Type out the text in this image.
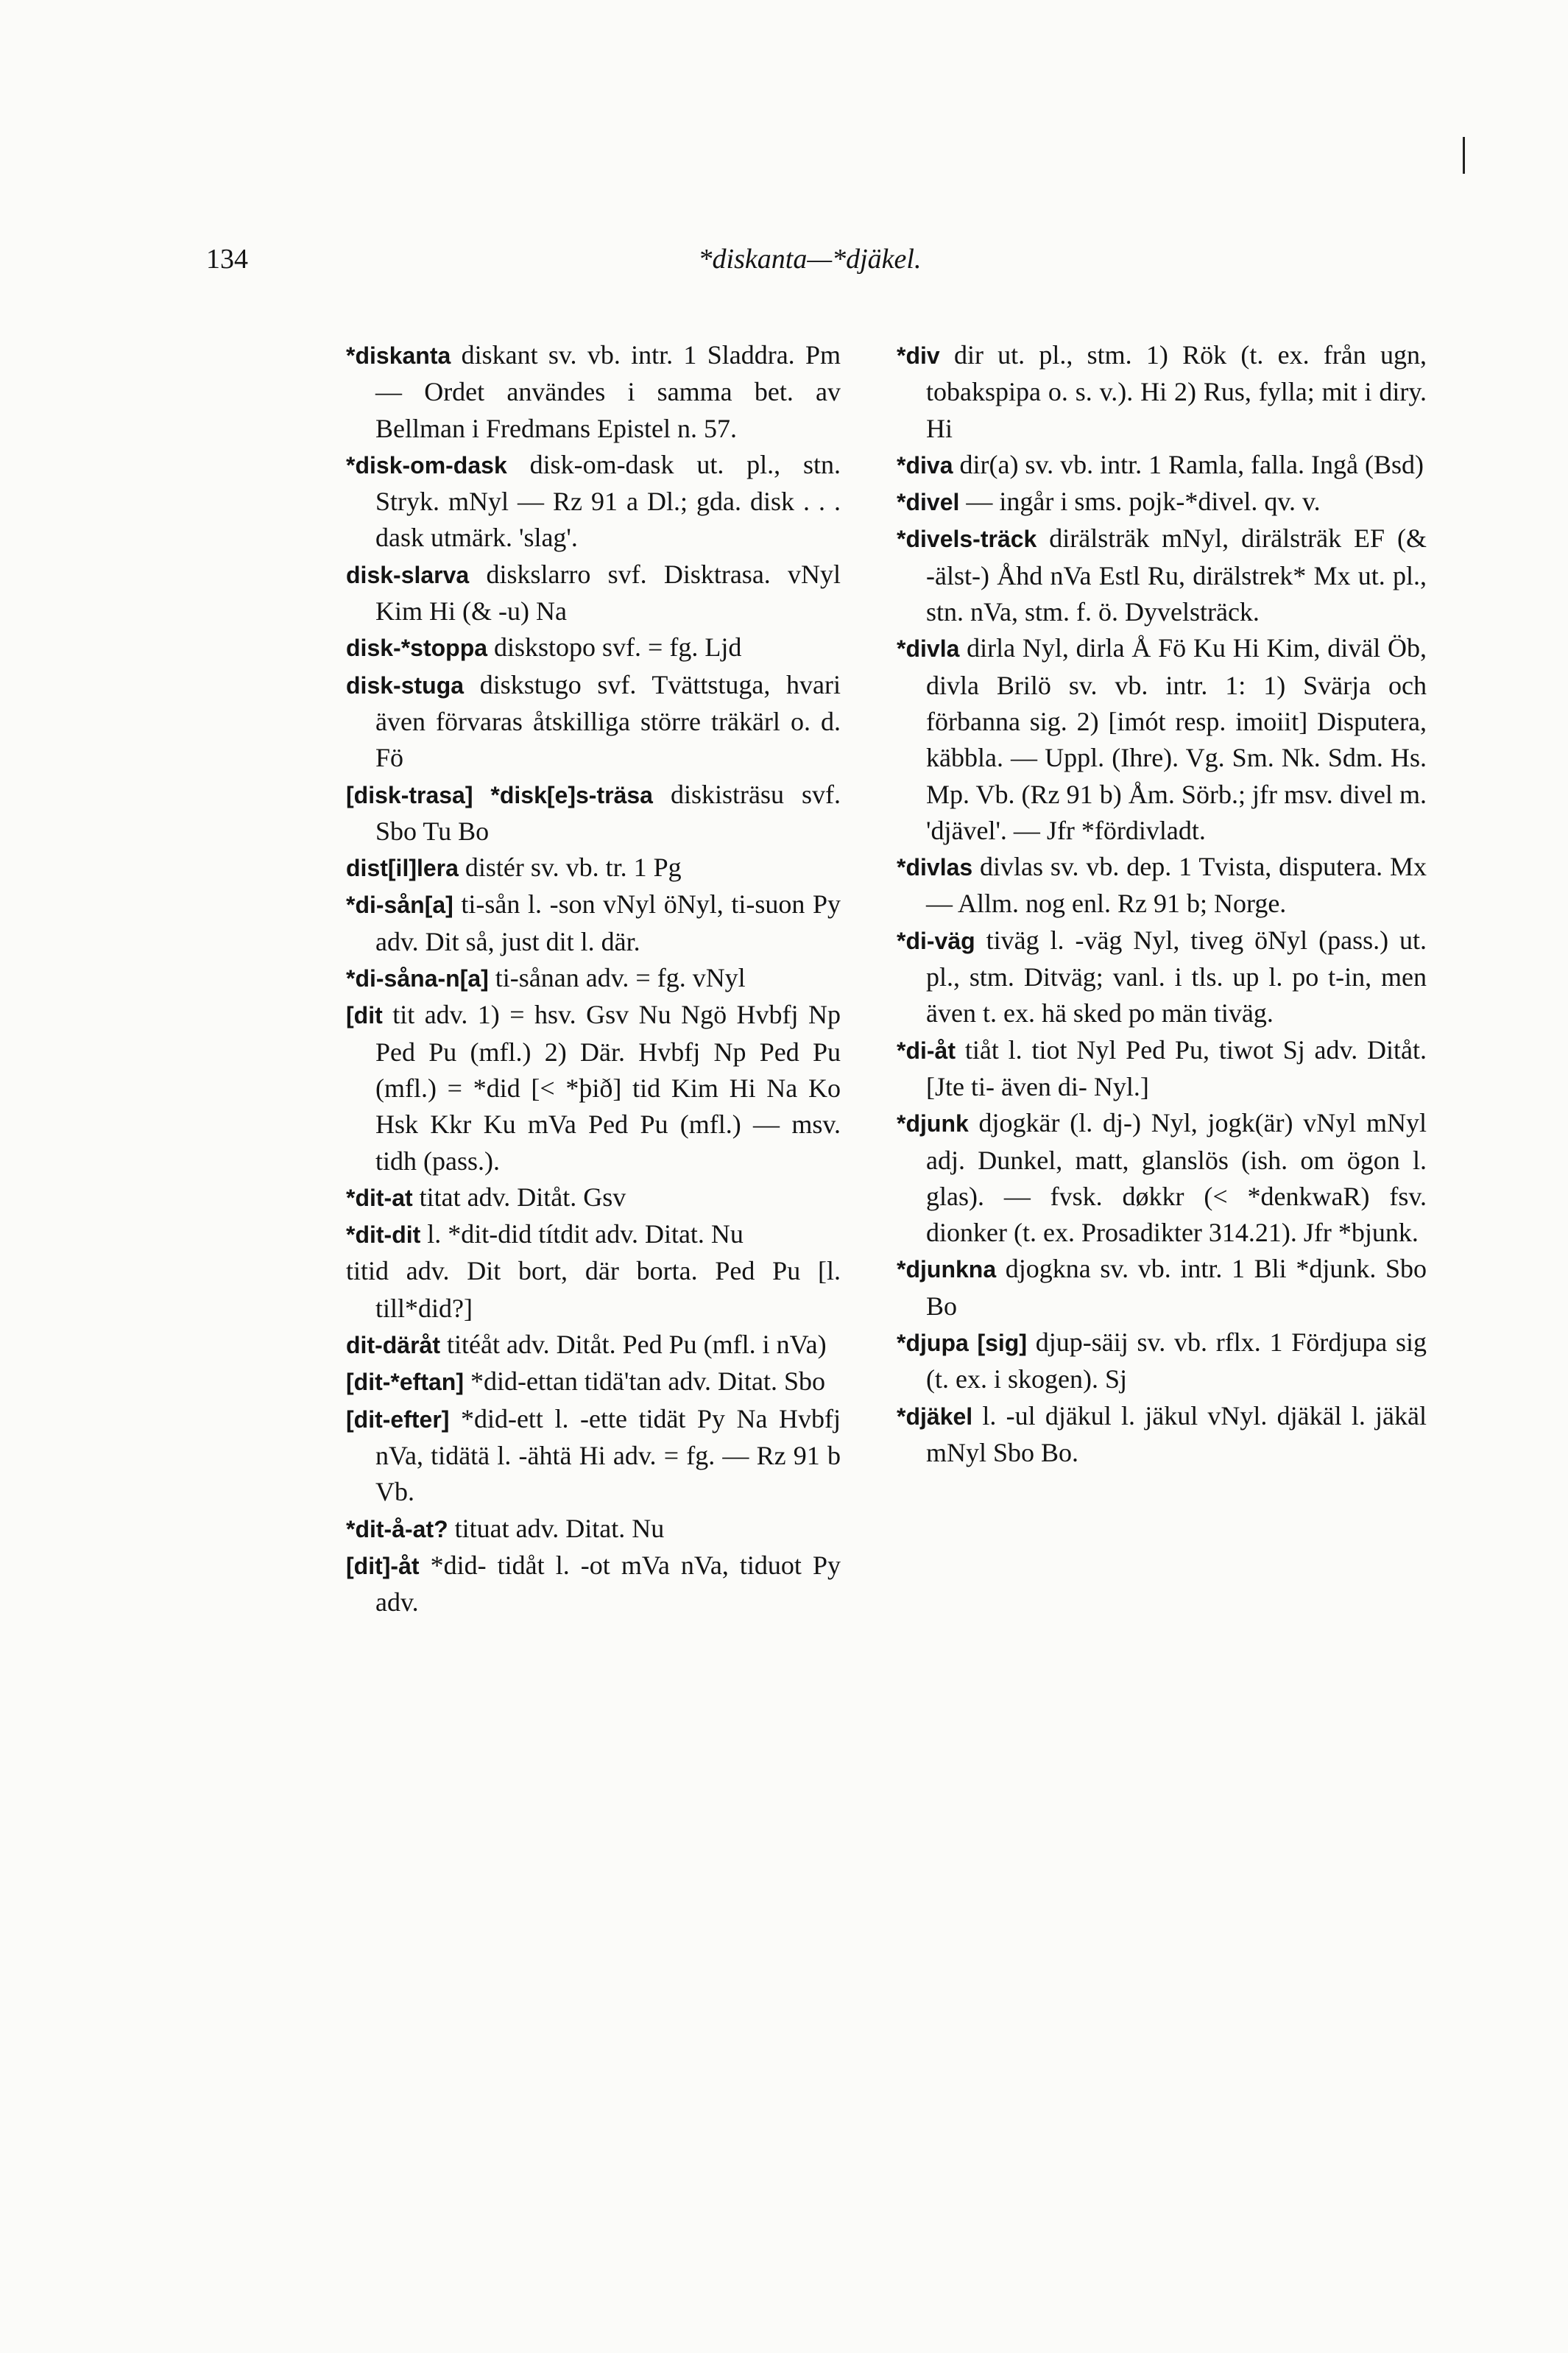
134	*diskanta—*djäkel.
*diskanta diskant sv. vb. intr. 1 Sladdra. Pm — Ordet användes i samma bet. av Bellman i Fredmans Epistel n. 57.
*disk-om-dask disk-om-dask ut. pl., stn. Stryk. mNyl — Rz 91 a Dl.; gda. disk . . . dask utmärk. 'slag'.
disk-slarva diskslarro svf. Disktrasa. vNyl Kim Hi (& -u) Na
disk-*stoppa diskstopo svf. = fg. Ljd
disk-stuga diskstugo svf. Tvättstuga, hvari även förvaras åtskilliga större träkärl o. d. Fö
[disk-trasa] *disk[e]s-träsa diskisträsu svf. Sbo Tu Bo
dist[il]lera distér sv. vb. tr. 1 Pg
*di-sån[a] ti-sån l. -son vNyl öNyl, ti-suon Py adv. Dit så, just dit l. där.
*di-såna-n[a] ti-sånan adv. = fg. vNyl
[dit tit adv. 1) = hsv. Gsv Nu Ngö Hvbfj Np Ped Pu (mfl.) 2) Där. Hvbfj Np Ped Pu (mfl.) = *did [< *þið] tid Kim Hi Na Ko Hsk Kkr Ku mVa Ped Pu (mfl.) — msv. tidh (pass.).
*dit-at titat adv. Ditåt. Gsv
*dit-dit l. *dit-did títdit adv. Ditat. Nu
titid adv. Dit bort, där borta. Ped Pu [l. till*did?]
dit-däråt titéåt adv. Ditåt. Ped Pu (mfl. i nVa)
[dit-*eftan] *did-ettan tidä'tan adv. Ditat. Sbo
[dit-efter] *did-ett l. -ette tidät Py Na Hvbfj nVa, tidätä l. -ähtä Hi adv. = fg. — Rz 91 b Vb.
*dit-å-at? tituat adv. Ditat. Nu
[dit]-åt *did- tidåt l. -ot mVa nVa, tiduot Py adv.
*div dir ut. pl., stm. 1) Rök (t. ex. från ugn, tobakspipa o. s. v.). Hi 2) Rus, fylla; mit i diry. Hi
*diva dir(a) sv. vb. intr. 1 Ramla, falla. Ingå (Bsd)
*divel — ingår i sms. pojk-*divel. qv. v.
*divels-träck dirälsträk mNyl, dirälsträk EF (& -älst-) Åhd nVa Estl Ru, dirälstrek* Mx ut. pl., stn. nVa, stm. f. ö. Dyvelsträck.
*divla dirla Nyl, dirla Å Fö Ku Hi Kim, diväl Öb, divla Brilö sv. vb. intr. 1: 1) Svärja och förbanna sig. 2) [imót resp. imoiit] Disputera, käbbla. — Uppl. (Ihre). Vg. Sm. Nk. Sdm. Hs. Mp. Vb. (Rz 91 b) Åm. Sörb.; jfr msv. divel m. 'djävel'. — Jfr *fördivladt.
*divlas divlas sv. vb. dep. 1 Tvista, disputera. Mx — Allm. nog enl. Rz 91 b; Norge.
*di-väg tiväg l. -väg Nyl, tiveg öNyl (pass.) ut. pl., stm. Ditväg; vanl. i tls. up l. po t-in, men även t. ex. hä sked po män tiväg.
*di-åt tiåt l. tiot Nyl Ped Pu, tiwot Sj adv. Ditåt. [Jte ti- även di- Nyl.]
*djunk djogkär (l. dj-) Nyl, jogk(är) vNyl mNyl adj. Dunkel, matt, glanslös (ish. om ögon l. glas). — fvsk. døkkr (< *denkwaR) fsv. dionker (t. ex. Prosadikter 314.21). Jfr *bjunk.
*djunkna djogkna sv. vb. intr. 1 Bli *djunk. Sbo Bo
*djupa [sig] djup-säij sv. vb. rflx. 1 Fördjupa sig (t. ex. i skogen). Sj
*djäkel l. -ul djäkul l. jäkul vNyl. djäkäl l. jäkäl mNyl Sbo Bo.
